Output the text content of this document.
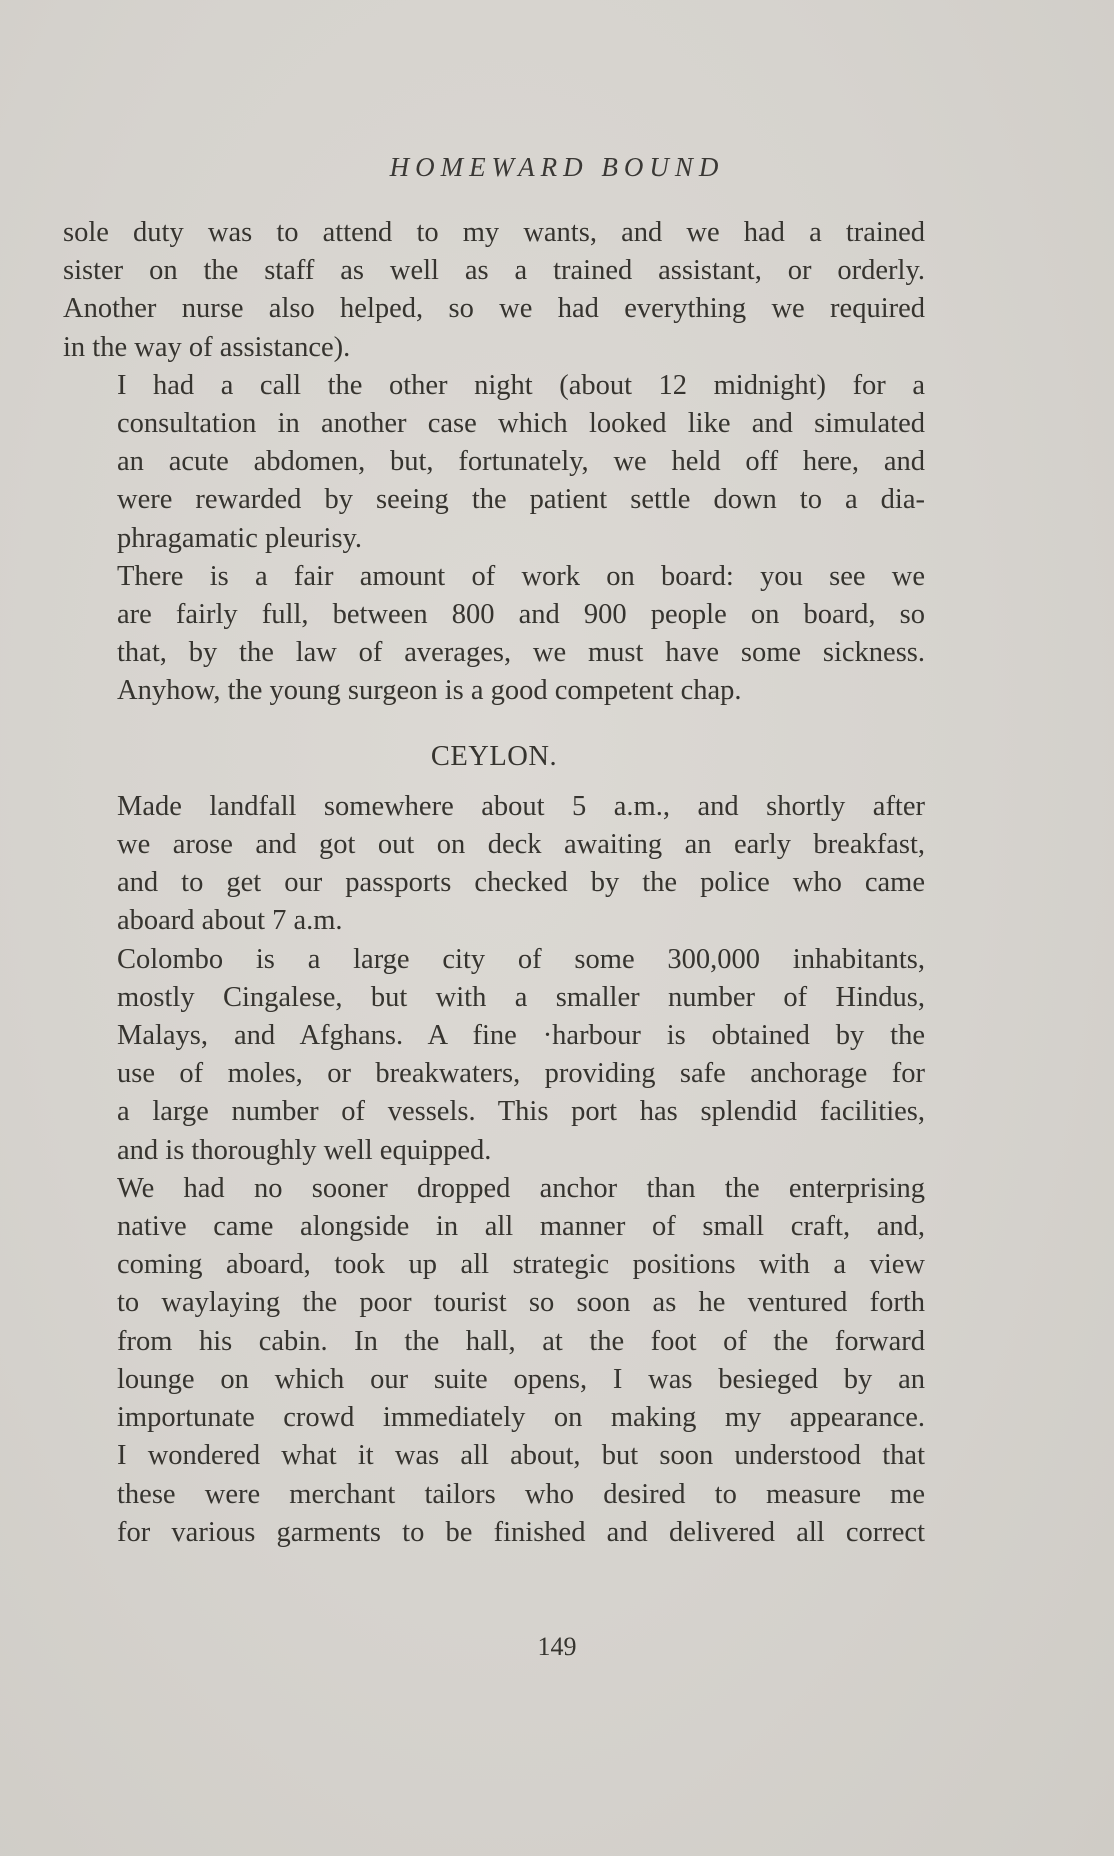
HOMEWARD BOUND

sole duty was to attend to my wants, and we had a trained
sister on the staff as well as a trained assistant, or orderly.
Another nurse also helped, so we had everything we required
in the way of assistance).

I had a call the other night (about 12 midnight) for a
consultation in another case which looked like and simulated
an acute abdomen, but, fortunately, we held off here, and
were rewarded by seeing the patient settle down to a dia-
phragamatic pleurisy.

There is a fair amount of work on board: you see we
are fairly full, between 800 and 900 people on board, so
that, by the law of averages, we must have some sickness.
Anyhow, the young surgeon is a good competent chap.

CEYLON.

Made landfall somewhere about 5 a.m., and shortly after
we arose and got out on deck awaiting an early breakfast,
and to get our passports checked by the police who came
aboard about 7 a.m.

Colombo is a large city of some 300,000 inhabitants,
mostly Cingalese, but with a smaller number of Hindus,
Malays, and Afghans. A fine ·harbour is obtained by the
use of moles, or breakwaters, providing safe anchorage for
a large number of vessels. This port has splendid facilities,
and is thoroughly well equipped.

We had no sooner dropped anchor than the enterprising
native came alongside in all manner of small craft, and,
coming aboard, took up all strategic positions with a view
to waylaying the poor tourist so soon as he ventured forth
from his cabin. In the hall, at the foot of the forward
lounge on which our suite opens, I was besieged by an
importunate crowd immediately on making my appearance.
I wondered what it was all about, but soon understood that
these were merchant tailors who desired to measure me
for various garments to be finished and delivered all correct

149
